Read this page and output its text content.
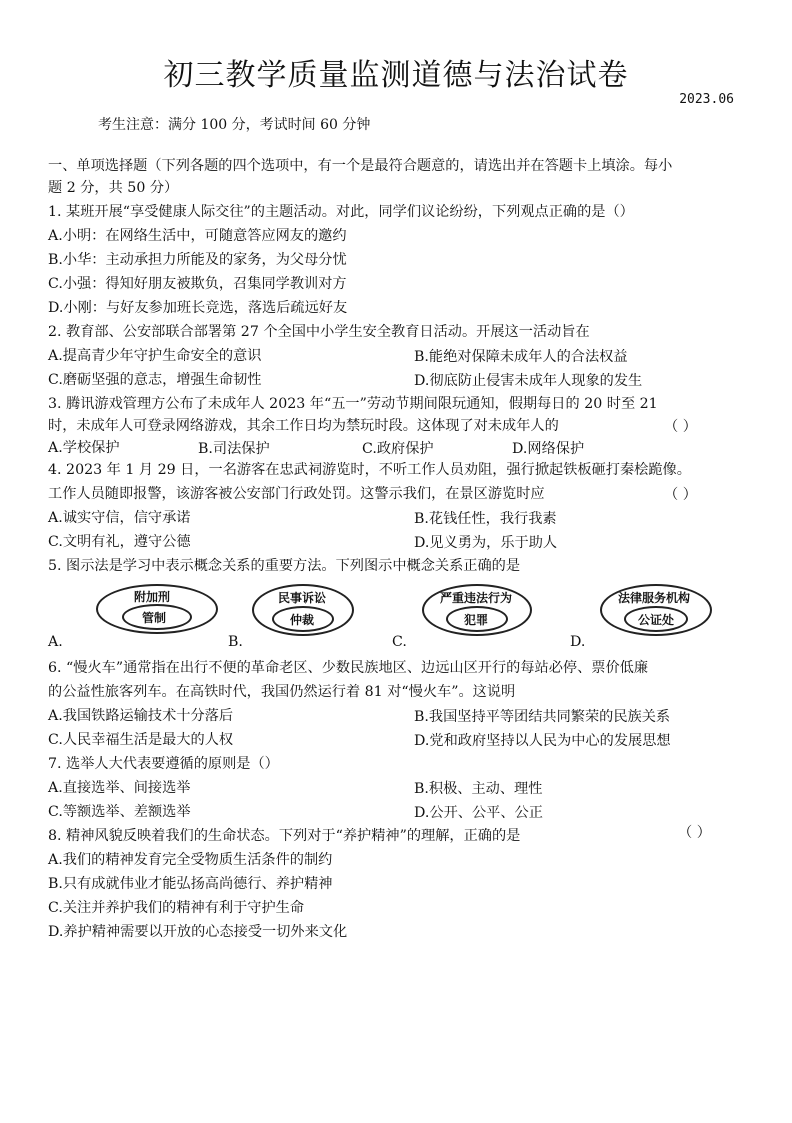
初三教学质量监测道德与法治试卷
2023.06
考生注意：满分 100 分，考试时间 60 分钟
一、单项选择题（下列各题的四个选项中，有一个是最符合题意的，请选出并在答题卡上填涂。每小
题 2 分，共 50 分）
1. 某班开展“享受健康人际交往”的主题活动。对此，同学们议论纷纷，下列观点正确的是（）
A.小明：在网络生活中，可随意答应网友的邀约
B.小华：主动承担力所能及的家务，为父母分忧
C.小强：得知好朋友被欺负，召集同学教训对方
D.小刚：与好友参加班长竞选，落选后疏远好友
2. 教育部、公安部联合部署第 27 个全国中小学生安全教育日活动。开展这一活动旨在
A.提高青少年守护生命安全的意识	B.能绝对保障未成年人的合法权益
C.磨砺坚强的意志，增强生命韧性	D.彻底防止侵害未成年人现象的发生
3. 腾讯游戏管理方公布了未成年人 2023 年“五一”劳动节期间限玩通知，假期每日的 20 时至 21
时，未成年人可登录网络游戏，其余工作日均为禁玩时段。这体现了对未成年人的	（ ）
A.学校保护	B.司法保护	C.政府保护	D.网络保护
4. 2023 年 1 月 29 日，一名游客在忠武祠游览时，不听工作人员劝阻，强行掀起铁板砸打秦桧跪像。
工作人员随即报警，该游客被公安部门行政处罚。这警示我们，在景区游览时应	（ ）
A.诚实守信，信守承诺	B.花钱任性，我行我素
C.文明有礼，遵守公德	D.见义勇为，乐于助人
5. 图示法是学习中表示概念关系的重要方法。下列图示中概念关系正确的是
附加刑
管制
民事诉讼
仲裁
严重违法行为
犯罪
法律服务机构
公证处
A.	B.	C.	D.
6. “慢火车”通常指在出行不便的革命老区、少数民族地区、边远山区开行的每站必停、票价低廉
的公益性旅客列车。在高铁时代，我国仍然运行着 81 对“慢火车”。这说明
A.我国铁路运输技术十分落后	B.我国坚持平等团结共同繁荣的民族关系
C.人民幸福生活是最大的人权	D.党和政府坚持以人民为中心的发展思想
7. 选举人大代表要遵循的原则是（）
A.直接选举、间接选举	B.积极、主动、理性
C.等额选举、差额选举	D.公开、公平、公正
8. 精神风貌反映着我们的生命状态。下列对于“养护精神”的理解，正确的是	（ ）
A.我们的精神发育完全受物质生活条件的制约
B.只有成就伟业才能弘扬高尚德行、养护精神
C.关注并养护我们的精神有利于守护生命
D.养护精神需要以开放的心态接受一切外来文化
